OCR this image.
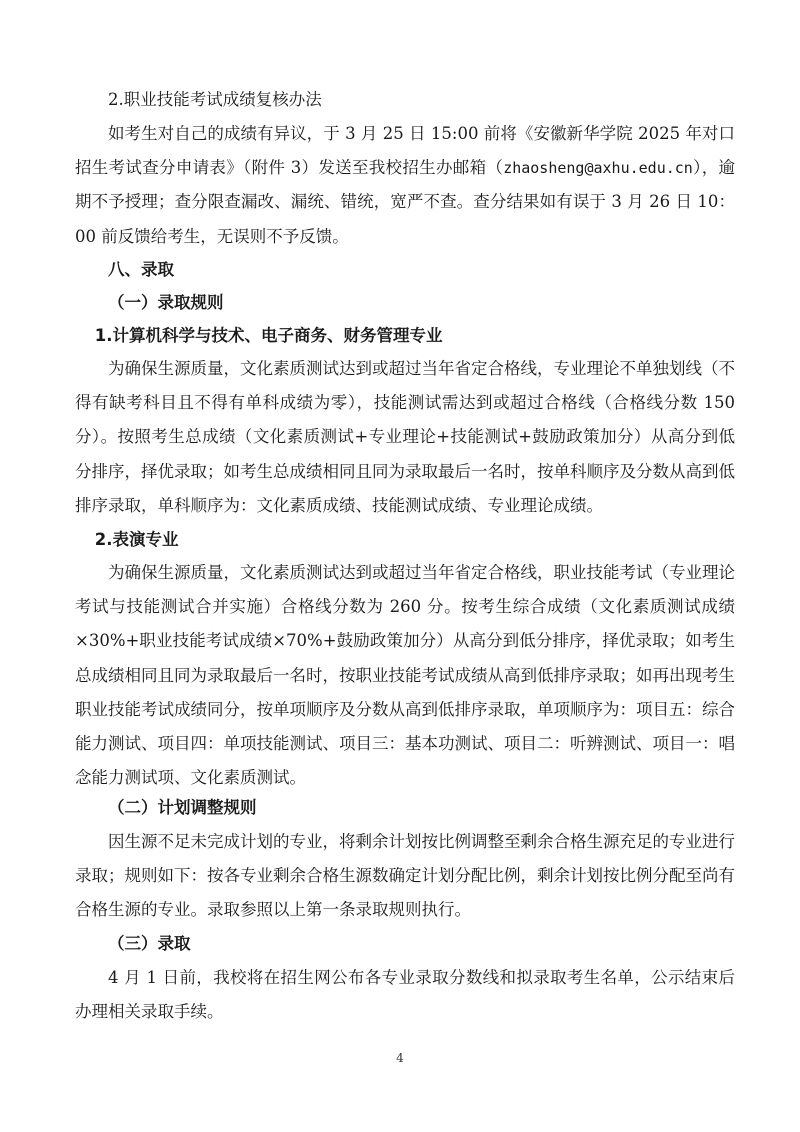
2.职业技能考试成绩复核办法

如考生对自己的成绩有异议，于 3 月 25 日 15:00 前将《安徽新华学院 2025 年对口招生考试查分申请表》（附件 3）发送至我校招生办邮箱（zhaosheng@axhu.edu.cn），逾期不予授理；查分限查漏改、漏统、错统，宽严不查。查分结果如有误于 3 月 26 日 10：00 前反馈给考生，无误则不予反馈。

八、录取

（一）录取规则

1.计算机科学与技术、电子商务、财务管理专业

为确保生源质量，文化素质测试达到或超过当年省定合格线，专业理论不单独划线（不得有缺考科目且不得有单科成绩为零），技能测试需达到或超过合格线（合格线分数 150 分）。按照考生总成绩（文化素质测试+专业理论+技能测试+鼓励政策加分）从高分到低分排序，择优录取；如考生总成绩相同且同为录取最后一名时，按单科顺序及分数从高到低排序录取，单科顺序为：文化素质成绩、技能测试成绩、专业理论成绩。

2.表演专业

为确保生源质量，文化素质测试达到或超过当年省定合格线，职业技能考试（专业理论考试与技能测试合并实施）合格线分数为 260 分。按考生综合成绩（文化素质测试成绩×30%+职业技能考试成绩×70%+鼓励政策加分）从高分到低分排序，择优录取；如考生总成绩相同且同为录取最后一名时，按职业技能考试成绩从高到低排序录取；如再出现考生职业技能考试成绩同分，按单项顺序及分数从高到低排序录取，单项顺序为：项目五：综合能力测试、项目四：单项技能测试、项目三：基本功测试、项目二：听辨测试、项目一：唱念能力测试项、文化素质测试。

（二）计划调整规则

因生源不足未完成计划的专业，将剩余计划按比例调整至剩余合格生源充足的专业进行录取；规则如下：按各专业剩余合格生源数确定计划分配比例，剩余计划按比例分配至尚有合格生源的专业。录取参照以上第一条录取规则执行。

（三）录取

4 月 1 日前，我校将在招生网公布各专业录取分数线和拟录取考生名单，公示结束后办理相关录取手续。

4
